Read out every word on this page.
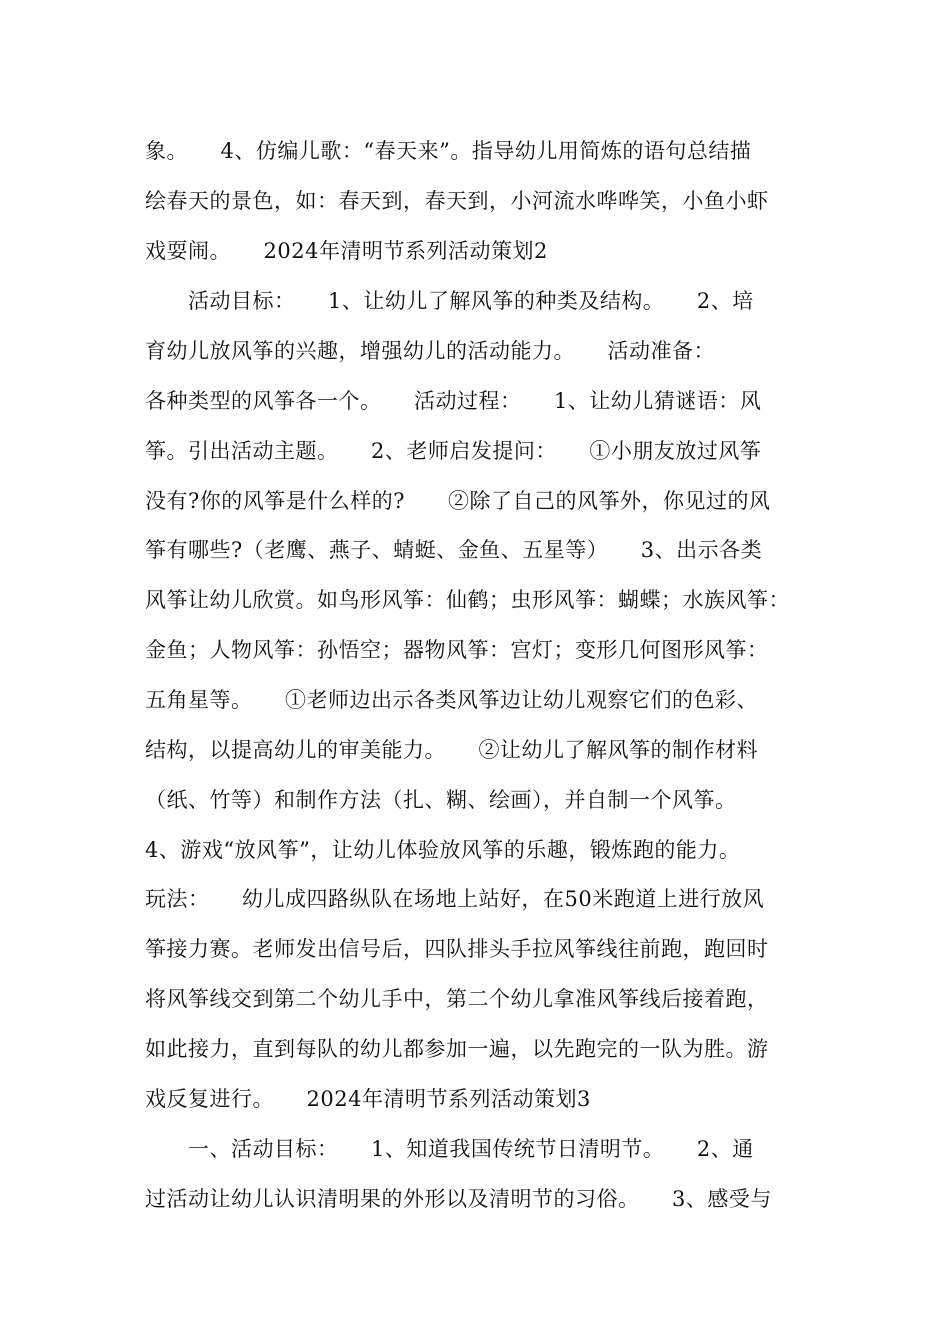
象。　　4、仿编儿歌：“春天来”。指导幼儿用简炼的语句总结描
绘春天的景色，如：春天到，春天到，小河流水哗哗笑，小鱼小虾
戏耍闹。　　2024年清明节系列活动策划2
活动目标：　　1、让幼儿了解风筝的种类及结构。　　2、培
育幼儿放风筝的兴趣，增强幼儿的活动能力。　　活动准备：
各种类型的风筝各一个。　　活动过程：　　1、让幼儿猜谜语：风
筝。引出活动主题。　　2、老师启发提问：　　①小朋友放过风筝
没有?你的风筝是什么样的?　　②除了自己的风筝外，你见过的风
筝有哪些?（老鹰、燕子、蜻蜓、金鱼、五星等）　　3、出示各类
风筝让幼儿欣赏。如鸟形风筝：仙鹤；虫形风筝：蝴蝶；水族风筝：
金鱼；人物风筝：孙悟空；器物风筝：宫灯；变形几何图形风筝：
五角星等。　　①老师边出示各类风筝边让幼儿观察它们的色彩、
结构，以提高幼儿的审美能力。　　②让幼儿了解风筝的制作材料
（纸、竹等）和制作方法（扎、糊、绘画），并自制一个风筝。
4、游戏“放风筝”，让幼儿体验放风筝的乐趣，锻炼跑的能力。
玩法：　　幼儿成四路纵队在场地上站好，在50米跑道上进行放风
筝接力赛。老师发出信号后，四队排头手拉风筝线往前跑，跑回时
将风筝线交到第二个幼儿手中，第二个幼儿拿准风筝线后接着跑，
如此接力，直到每队的幼儿都参加一遍，以先跑完的一队为胜。游
戏反复进行。　　2024年清明节系列活动策划3
一、活动目标：　　1、知道我国传统节日清明节。　　2、通
过活动让幼儿认识清明果的外形以及清明节的习俗。　　3、感受与
